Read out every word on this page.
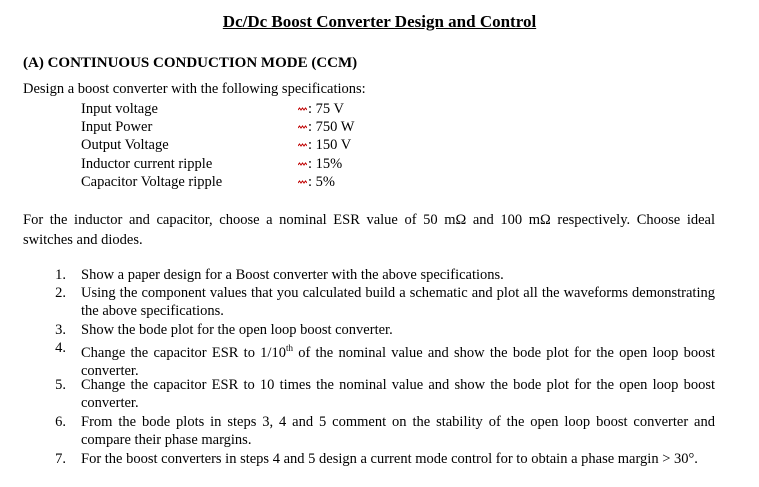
Dc/Dc Boost Converter Design and Control
(A) CONTINUOUS CONDUCTION MODE (CCM)
Design a boost converter with the following specifications:
Input voltage	: 75 V
Input Power	: 750 W
Output Voltage	: 150 V
Inductor current ripple	: 15%
Capacitor Voltage ripple	: 5%
For the inductor and capacitor, choose a nominal ESR value of 50 mΩ and 100 mΩ respectively. Choose ideal switches and diodes.
1. Show a paper design for a Boost converter with the above specifications.
2. Using the component values that you calculated build a schematic and plot all the waveforms demonstrating the above specifications.
3. Show the bode plot for the open loop boost converter.
4. Change the capacitor ESR to 1/10th of the nominal value and show the bode plot for the open loop boost converter.
5. Change the capacitor ESR to 10 times the nominal value and show the bode plot for the open loop boost converter.
6. From the bode plots in steps 3, 4 and 5 comment on the stability of the open loop boost converter and compare their phase margins.
7. For the boost converters in steps 4 and 5 design a current mode control for to obtain a phase margin > 30°.
